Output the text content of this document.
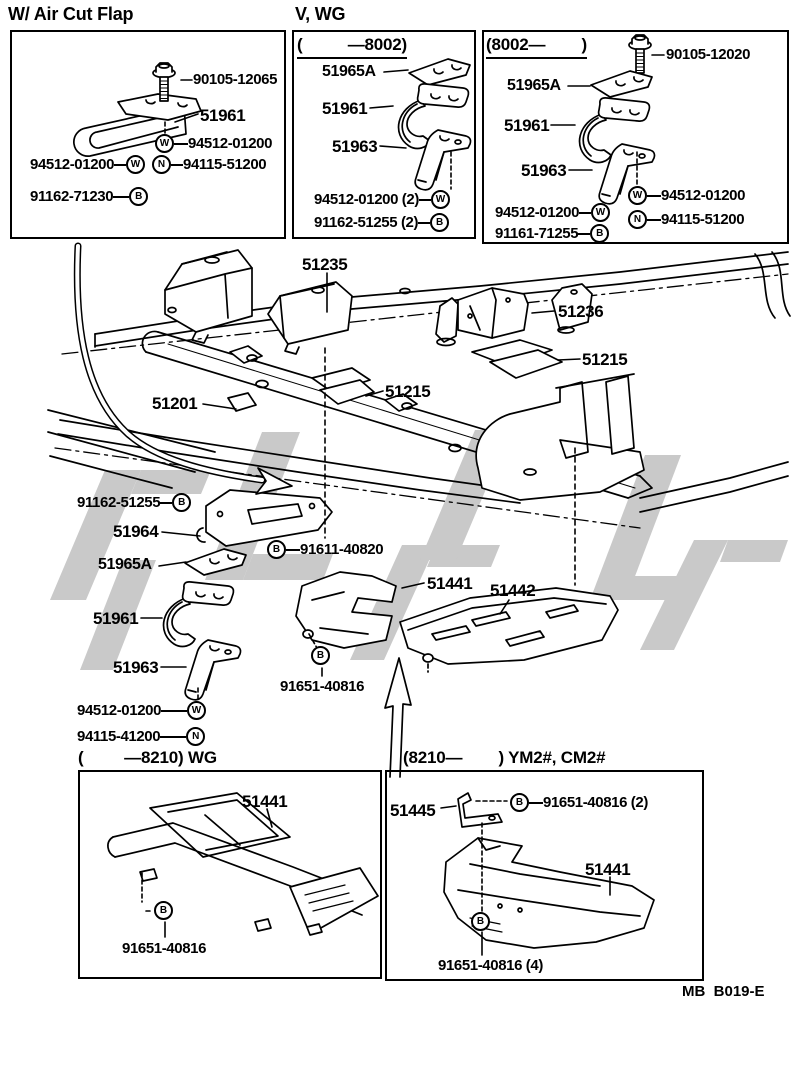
W/ Air Cut Flap	V, WG
(          —8002)	(8002—        )
(         —8210) WG	(8210—        ) YM2#, CM2#
90105-12065
51961
W	94512-01200
94512-01200	W	N	94115-51200
91162-71230	B
51965A
51961
51963
94512-01200 (2)	W
91162-51255 (2)	B
90105-12020
51965A
51961
51963
W	94512-01200
94512-01200	W
N	94115-51200
91161-71255	B
51235
51236
51215
51201
51215
91162-51255	B
51964
B	91611-40820
51965A
51961
51963
94512-01200	W
94115-41200	N
51441 51442
B
91651-40816
51441
B
91651-40816
51445	B	91651-40816 (2)
51441
B
91651-40816 (4)
MB  B019-E
